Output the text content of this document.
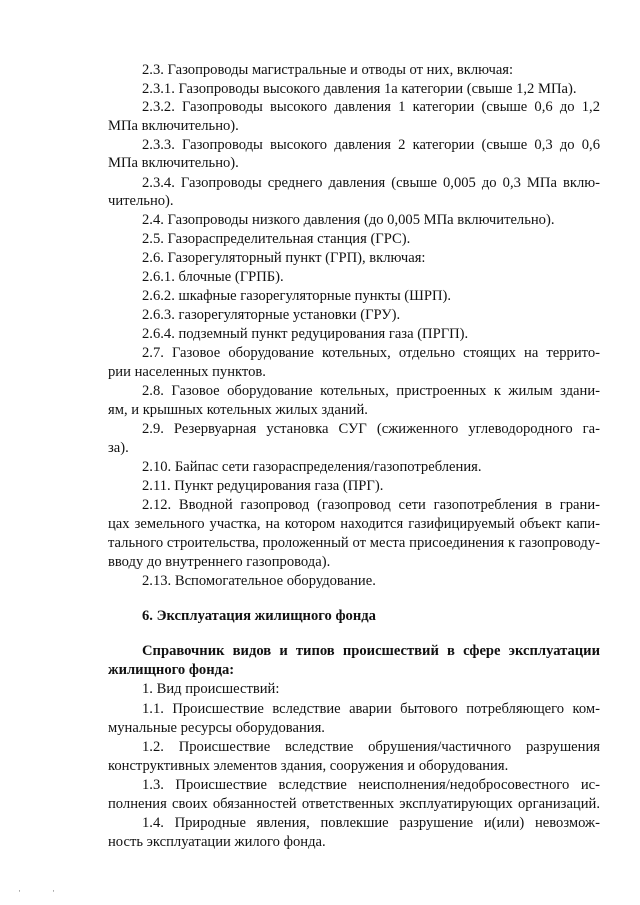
2.3. Газопроводы магистральные и отводы от них, включая:
2.3.1. Газопроводы высокого давления 1а категории (свыше 1,2 МПа).
2.3.2. Газопроводы высокого давления 1 категории (свыше 0,6 до 1,2
МПа включительно).
2.3.3. Газопроводы высокого давления 2 категории (свыше 0,3 до 0,6
МПа включительно).
2.3.4. Газопроводы среднего давления (свыше 0,005 до 0,3 МПа вклю-
чительно).
2.4. Газопроводы низкого давления (до 0,005 МПа включительно).
2.5. Газораспределительная станция (ГРС).
2.6. Газорегуляторный пункт (ГРП), включая:
2.6.1. блочные (ГРПБ).
2.6.2. шкафные газорегуляторные пункты (ШРП).
2.6.3. газорегуляторные установки (ГРУ).
2.6.4. подземный пункт редуцирования газа (ПРГП).
2.7. Газовое оборудование котельных, отдельно стоящих на террито-
рии населенных пунктов.
2.8. Газовое оборудование котельных, пристроенных к жилым здани-
ям, и крышных котельных жилых зданий.
2.9. Резервуарная установка СУГ (сжиженного углеводородного га-
за).
2.10. Байпас сети газораспределения/газопотребления.
2.11. Пункт редуцирования газа (ПРГ).
2.12. Вводной газопровод (газопровод сети газопотребления в грани-
цах земельного участка, на котором находится газифицируемый объект капи-
тального строительства, проложенный от места присоединения к газопроводу-
вводу до внутреннего газопровода).
2.13. Вспомогательное оборудование.
6. Эксплуатация жилищного фонда
Справочник видов и типов происшествий в сфере эксплуатации
жилищного фонда:
1. Вид происшествий:
1.1. Происшествие вследствие аварии бытового потребляющего ком-
мунальные ресурсы оборудования.
1.2. Происшествие вследствие обрушения/частичного разрушения
конструктивных элементов здания, сооружения и оборудования.
1.3. Происшествие вследствие неисполнения/недобросовестного ис-
полнения своих обязанностей ответственных эксплуатирующих организаций.
1.4. Природные явления, повлекшие разрушение и(или) невозмож-
ность эксплуатации жилого фонда.
·	·
